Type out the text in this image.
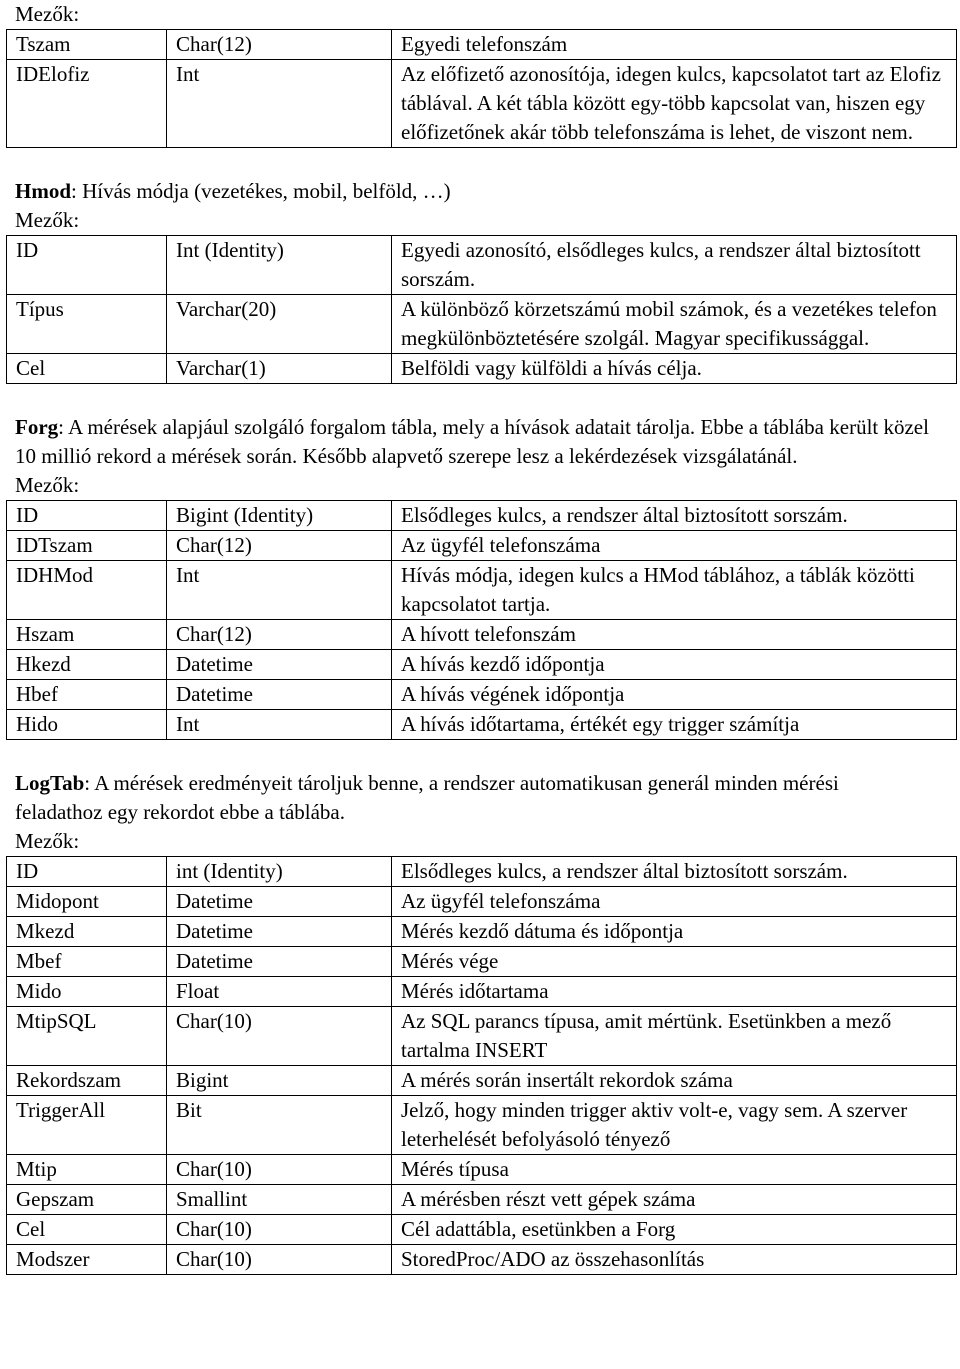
Mezők:
Tszam	Char(12)	Egyedi telefonszám
IDElofiz	Int	Az előfizető azonosítója, idegen kulcs, kapcsolatot tart az Elofiz táblával. A két tábla között egy-több kapcsolat van, hiszen egy előfizetőnek akár több telefonszáma is lehet, de viszont nem.
Hmod: Hívás módja (vezetékes, mobil, belföld, …)
Mezők:
ID	Int (Identity)	Egyedi azonosító, elsődleges kulcs, a rendszer által biztosított sorszám.
Típus	Varchar(20)	A különböző körzetszámú mobil számok, és a vezetékes telefon megkülönböztetésére szolgál. Magyar specifikussággal.
Cel	Varchar(1)	Belföldi vagy külföldi a hívás célja.
Forg: A mérések alapjául szolgáló forgalom tábla, mely a hívások adatait tárolja. Ebbe a táblába került közel 10 millió rekord a mérések során. Később alapvető szerepe lesz a lekérdezések vizsgálatánál.
Mezők:
ID	Bigint (Identity)	Elsődleges kulcs, a rendszer által biztosított sorszám.
IDTszam	Char(12)	Az ügyfél telefonszáma
IDHMod	Int	Hívás módja, idegen kulcs a HMod táblához, a táblák közötti kapcsolatot tartja.
Hszam	Char(12)	A hívott telefonszám
Hkezd	Datetime	A hívás kezdő időpontja
Hbef	Datetime	A hívás végének időpontja
Hido	Int	A hívás időtartama, értékét egy trigger számítja
LogTab: A mérések eredményeit tároljuk benne, a rendszer automatikusan generál minden mérési feladathoz egy rekordot ebbe a táblába.
Mezők:
ID	int (Identity)	Elsődleges kulcs, a rendszer által biztosított sorszám.
Midopont	Datetime	Az ügyfél telefonszáma
Mkezd	Datetime	Mérés kezdő dátuma és időpontja
Mbef	Datetime	Mérés vége
Mido	Float	Mérés időtartama
MtipSQL	Char(10)	Az SQL parancs típusa, amit mértünk. Esetünkben a mező tartalma INSERT
Rekordszam	Bigint	A mérés során insertált rekordok száma
TriggerAll	Bit	Jelző, hogy minden trigger aktiv volt-e, vagy sem. A szerver leterhelését befolyásoló tényező
Mtip	Char(10)	Mérés típusa
Gepszam	Smallint	A mérésben részt vett gépek száma
Cel	Char(10)	Cél adattábla, esetünkben a Forg
Modszer	Char(10)	StoredProc/ADO az összehasonlítás
